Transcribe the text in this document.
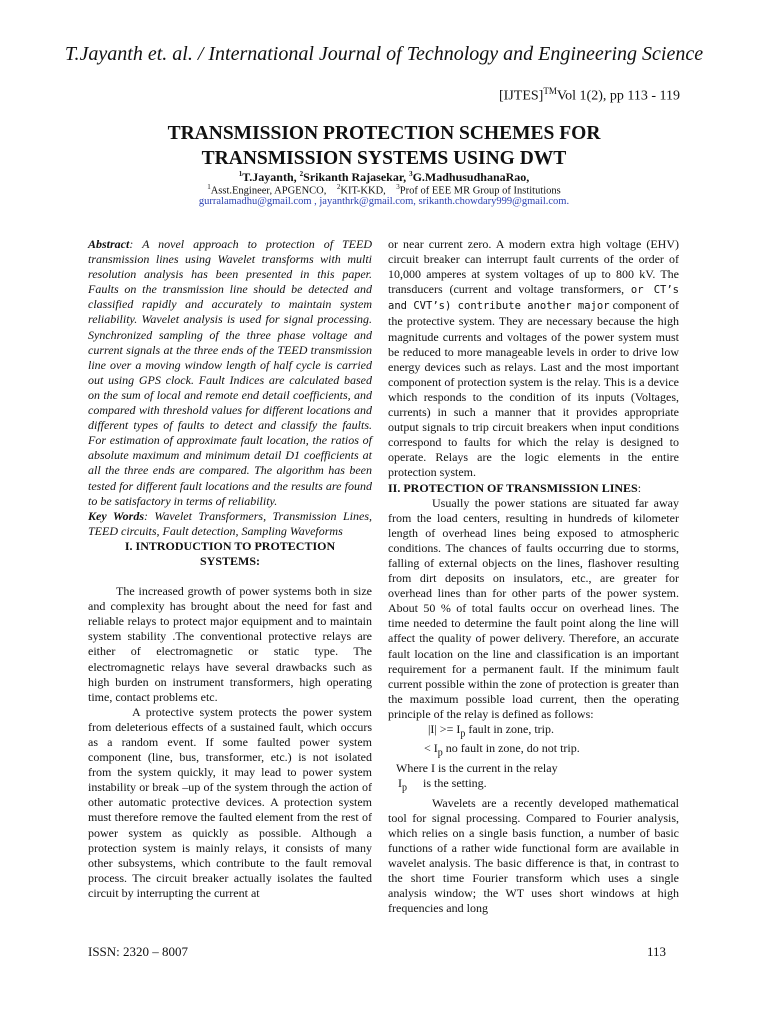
T.Jayanth et. al. / International Journal of Technology and Engineering Science
[IJTES]™Vol 1(2), pp 113 - 119
TRANSMISSION PROTECTION SCHEMES FOR
TRANSMISSION SYSTEMS USING DWT
$^1$T.Jayanth, $^2$Srikanth Rajasekar, $^3$G.MadhusudhanaRao,
$^1$Asst.Engineer, APGENCO, $^2$KIT-KKD, $^3$Prof of EEE MR Group of Institutions
gurralamadhu@gmail.com , jayanthrk@gmail.com, srikanth.chowdary999@gmail.com.

Abstract: A novel approach to protection of TEED transmission lines using Wavelet transforms with multi resolution analysis has been presented in this paper. Faults on the transmission line should be detected and classified rapidly and accurately to maintain system reliability. Wavelet analysis is used for signal processing. Synchronized sampling of the three phase voltage and current signals at the three ends of the TEED transmission line over a moving window length of half cycle is carried out using GPS clock. Fault Indices are calculated based on the sum of local and remote end detail coefficients, and compared with threshold values for different locations and different types of faults to detect and classify the faults. For estimation of approximate fault location, the ratios of absolute maximum and minimum detail D1 coefficients at all the three ends are compared. The algorithm has been tested for different fault locations and the results are found to be satisfactory in terms of reliability.

Key Words: Wavelet Transformers, Transmission Lines, TEED circuits, Fault detection, Sampling Waveforms

I. INTRODUCTION TO PROTECTION
SYSTEMS:

The increased growth of power systems both in size and complexity has brought about the need for fast and reliable relays to protect major equipment and to maintain system stability .The conventional protective relays are either of electromagnetic or static type. The electromagnetic relays have several drawbacks such as high burden on instrument transformers, high operating time, contact problems etc.

A protective system protects the power system from deleterious effects of a sustained fault, which occurs as a random event. If some faulted power system component (line, bus, transformer, etc.) is not isolated from the system quickly, it may lead to power system instability or break –up of the system through the action of other automatic protective devices. A protection system must therefore remove the faulted element from the rest of power system as quickly as possible. Although a protection system is mainly relays, it consists of many other subsystems, which contribute to the fault removal process. The circuit breaker actually isolates the faulted circuit by interrupting the current at

or near current zero. A modern extra high voltage (EHV) circuit breaker can interrupt fault currents of the order of 10,000 amperes at system voltages of up to 800 kV. The transducers (current and voltage transformers, or CT’s and CVT’s) contribute another major component of the protective system. They are necessary because the high magnitude currents and voltages of the power system must be reduced to more manageable levels in order to drive low energy devices such as relays. Last and the most important component of protection system is the relay. This is a device which responds to the condition of its inputs (Voltages, currents) in such a manner that it provides appropriate output signals to trip circuit breakers when input conditions correspond to faults for which the relay is designed to operate. Relays are the logic elements in the entire protection system.

II. PROTECTION OF TRANSMISSION LINES:

Usually the power stations are situated far away from the load centers, resulting in hundreds of kilometer length of overhead lines being exposed to atmospheric conditions. The chances of faults occurring due to storms, falling of external objects on the lines, flashover resulting from dirt deposits on insulators, etc., are greater for overhead lines than for other parts of the power system. About 50 % of total faults occur on overhead lines. The time needed to determine the fault point along the line will affect the quality of power delivery. Therefore, an accurate fault location on the line and classification is an important requirement for a permanent fault. If the minimum fault current possible within the zone of protection is greater than the maximum possible load current, then the operating principle of the relay is defined as follows:

$|I| >= I_p$ fault in zone, trip.

< $I_p$ no fault in zone, do not trip.

Where I is the current in the relay

$I_p$ is the setting.

Wavelets are a recently developed mathematical tool for signal processing. Compared to Fourier analysis, which relies on a single basis function, a number of basic functions of a rather wide functional form are available in wavelet analysis. The basic difference is that, in contrast to the short time Fourier transform which uses a single analysis window; the WT uses short windows at high frequencies and long

ISSN: 2320 – 8007	113
